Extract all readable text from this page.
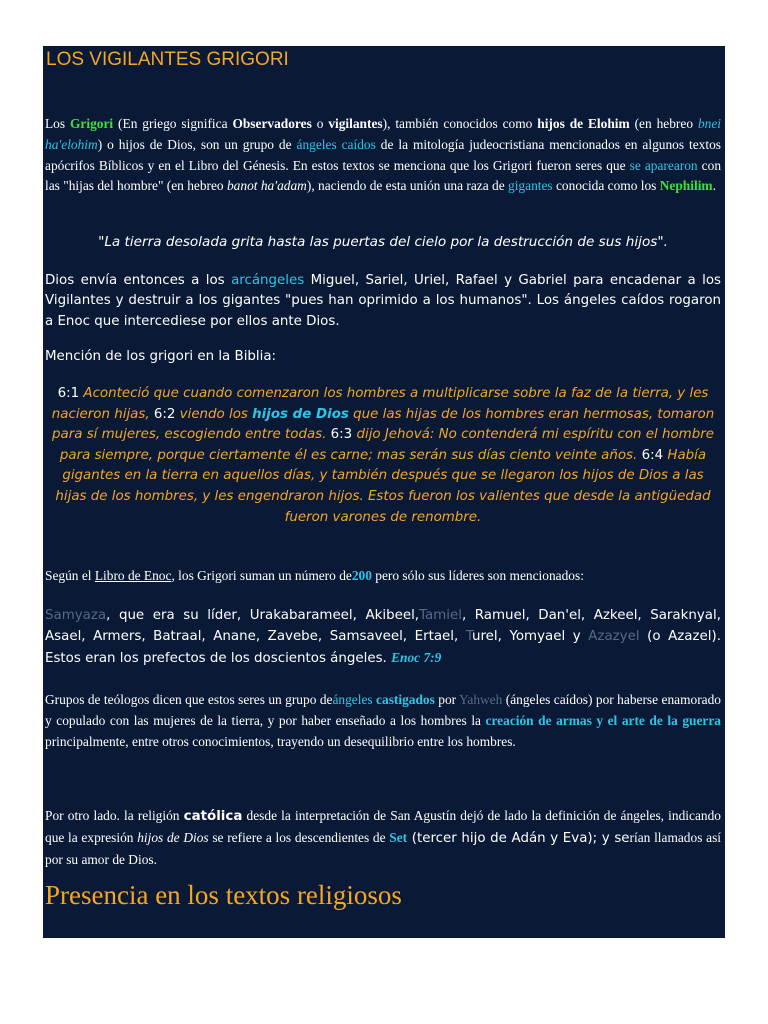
LOS VIGILANTES GRIGORI

Los Grigori (En griego significa Observadores o vigilantes), también conocidos como hijos de Elohim (en hebreo bnei ha'elohim) o hijos de Dios, son un grupo de ángeles caídos de la mitología judeocristiana mencionados en algunos textos apócrifos Bíblicos y en el Libro del Génesis. En estos textos se menciona que los Grigori fueron seres que se aparearon con las "hijas del hombre" (en hebreo banot ha'adam), naciendo de esta unión una raza de gigantes conocida como los Nephilim.

"La tierra desolada grita hasta las puertas del cielo por la destrucción de sus hijos".

Dios envía entonces a los arcángeles Miguel, Sariel, Uriel, Rafael y Gabriel para encadenar a los Vigilantes y destruir a los gigantes "pues han oprimido a los humanos". Los ángeles caídos rogaron a Enoc que intercediese por ellos ante Dios.

Mención de los grigori en la Biblia:

6:1 Aconteció que cuando comenzaron los hombres a multiplicarse sobre la faz de la tierra, y les nacieron hijas, 6:2 viendo los hijos de Dios que las hijas de los hombres eran hermosas, tomaron para sí mujeres, escogiendo entre todas. 6:3 dijo Jehová: No contenderá mi espíritu con el hombre para siempre, porque ciertamente él es carne; mas serán sus días ciento veinte años. 6:4 Había gigantes en la tierra en aquellos días, y también después que se llegaron los hijos de Dios a las hijas de los hombres, y les engendraron hijos. Estos fueron los valientes que desde la antigüedad fueron varones de renombre.

Según el Libro de Enoc, los Grigori suman un número de200 pero sólo sus líderes son mencionados:

Samyaza, que era su líder, Urakabarameel, Akibeel,Tamiel, Ramuel, Dan'el, Azkeel, Saraknyal, Asael, Armers, Batraal, Anane, Zavebe, Samsaveel, Ertael, Turel, Yomyael y Azazyel (o Azazel). Estos eran los prefectos de los doscientos ángeles. Enoc 7:9

Grupos de teólogos dicen que estos seres un grupo deángeles castigados por Yahweh (ángeles caídos) por haberse enamorado y copulado con las mujeres de la tierra, y por haber enseñado a los hombres la creación de armas y el arte de la guerra principalmente, entre otros conocimientos, trayendo un desequilibrio entre los hombres.

Por otro lado. la religión católica desde la interpretación de San Agustín dejó de lado la definición de ángeles, indicando que la expresión hijos de Dios se refiere a los descendientes de Set (tercer hijo de Adán y Eva); y serían llamados así por su amor de Dios.

Presencia en los textos religiosos
